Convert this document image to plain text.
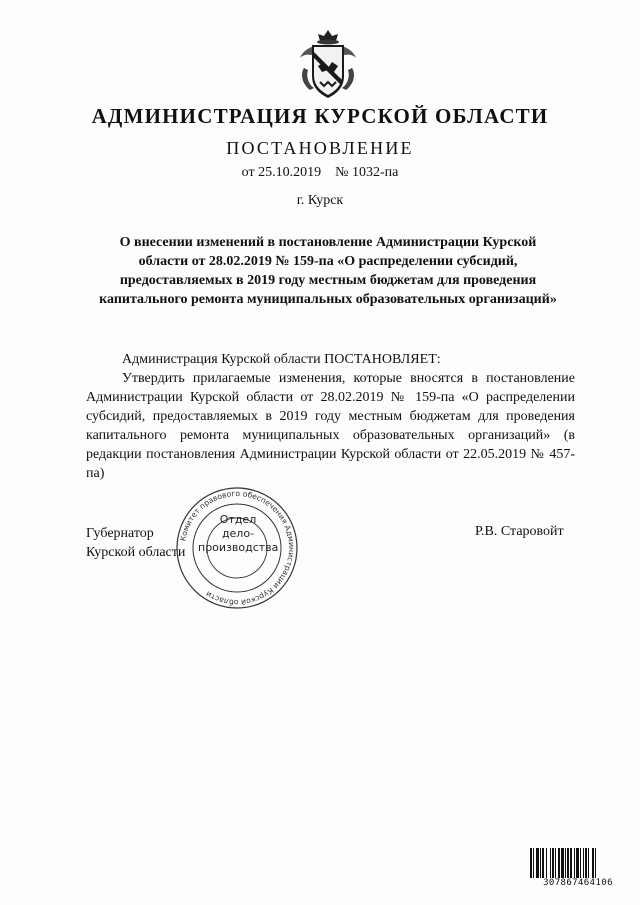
АДМИНИСТРАЦИЯ КУРСКОЙ ОБЛАСТИ
ПОСТАНОВЛЕНИЕ
от 25.10.2019 № 1032-па
г. Курск
О внесении изменений в постановление Администрации Курской области от 28.02.2019 № 159-па «О распределении субсидий, предоставляемых в 2019 году местным бюджетам для проведения капитального ремонта муниципальных образовательных организаций»

Администрация Курской области ПОСТАНОВЛЯЕТ:

Утвердить прилагаемые изменения, которые вносятся в постановление Администрации Курской области от 28.02.2019 № 159-па «О распределении субсидий, предоставляемых в 2019 году местным бюджетам для проведения капитального ремонта муниципальных образовательных организаций» (в редакции постановления Администрации Курской области от 22.05.2019 № 457-па)

Губернатор
Курской области
Р.В. Старовойт
Комитет правового обеспечения Администрации Курской области
Отдел
дело-
производства
307867464106
